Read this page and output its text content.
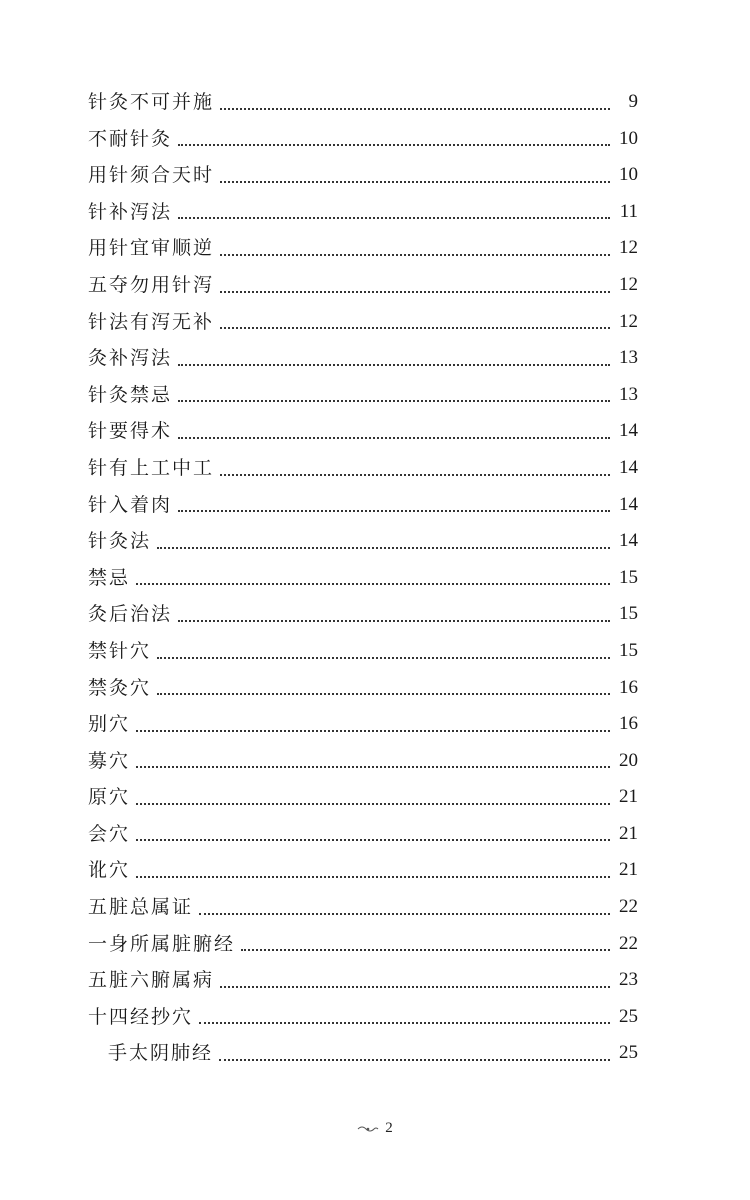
针灸不可并施	9
不耐针灸	10
用针须合天时	10
针补泻法	11
用针宜审顺逆	12
五夺勿用针泻	12
针法有泻无补	12
灸补泻法	13
针灸禁忌	13
针要得术	14
针有上工中工	14
针入着肉	14
针灸法	14
禁忌	15
灸后治法	15
禁针穴	15
禁灸穴	16
别穴	16
募穴	20
原穴	21
会穴	21
讹穴	21
五脏总属证	22
一身所属脏腑经	22
五脏六腑属病	23
十四经抄穴	25
手太阴肺经	25
2
